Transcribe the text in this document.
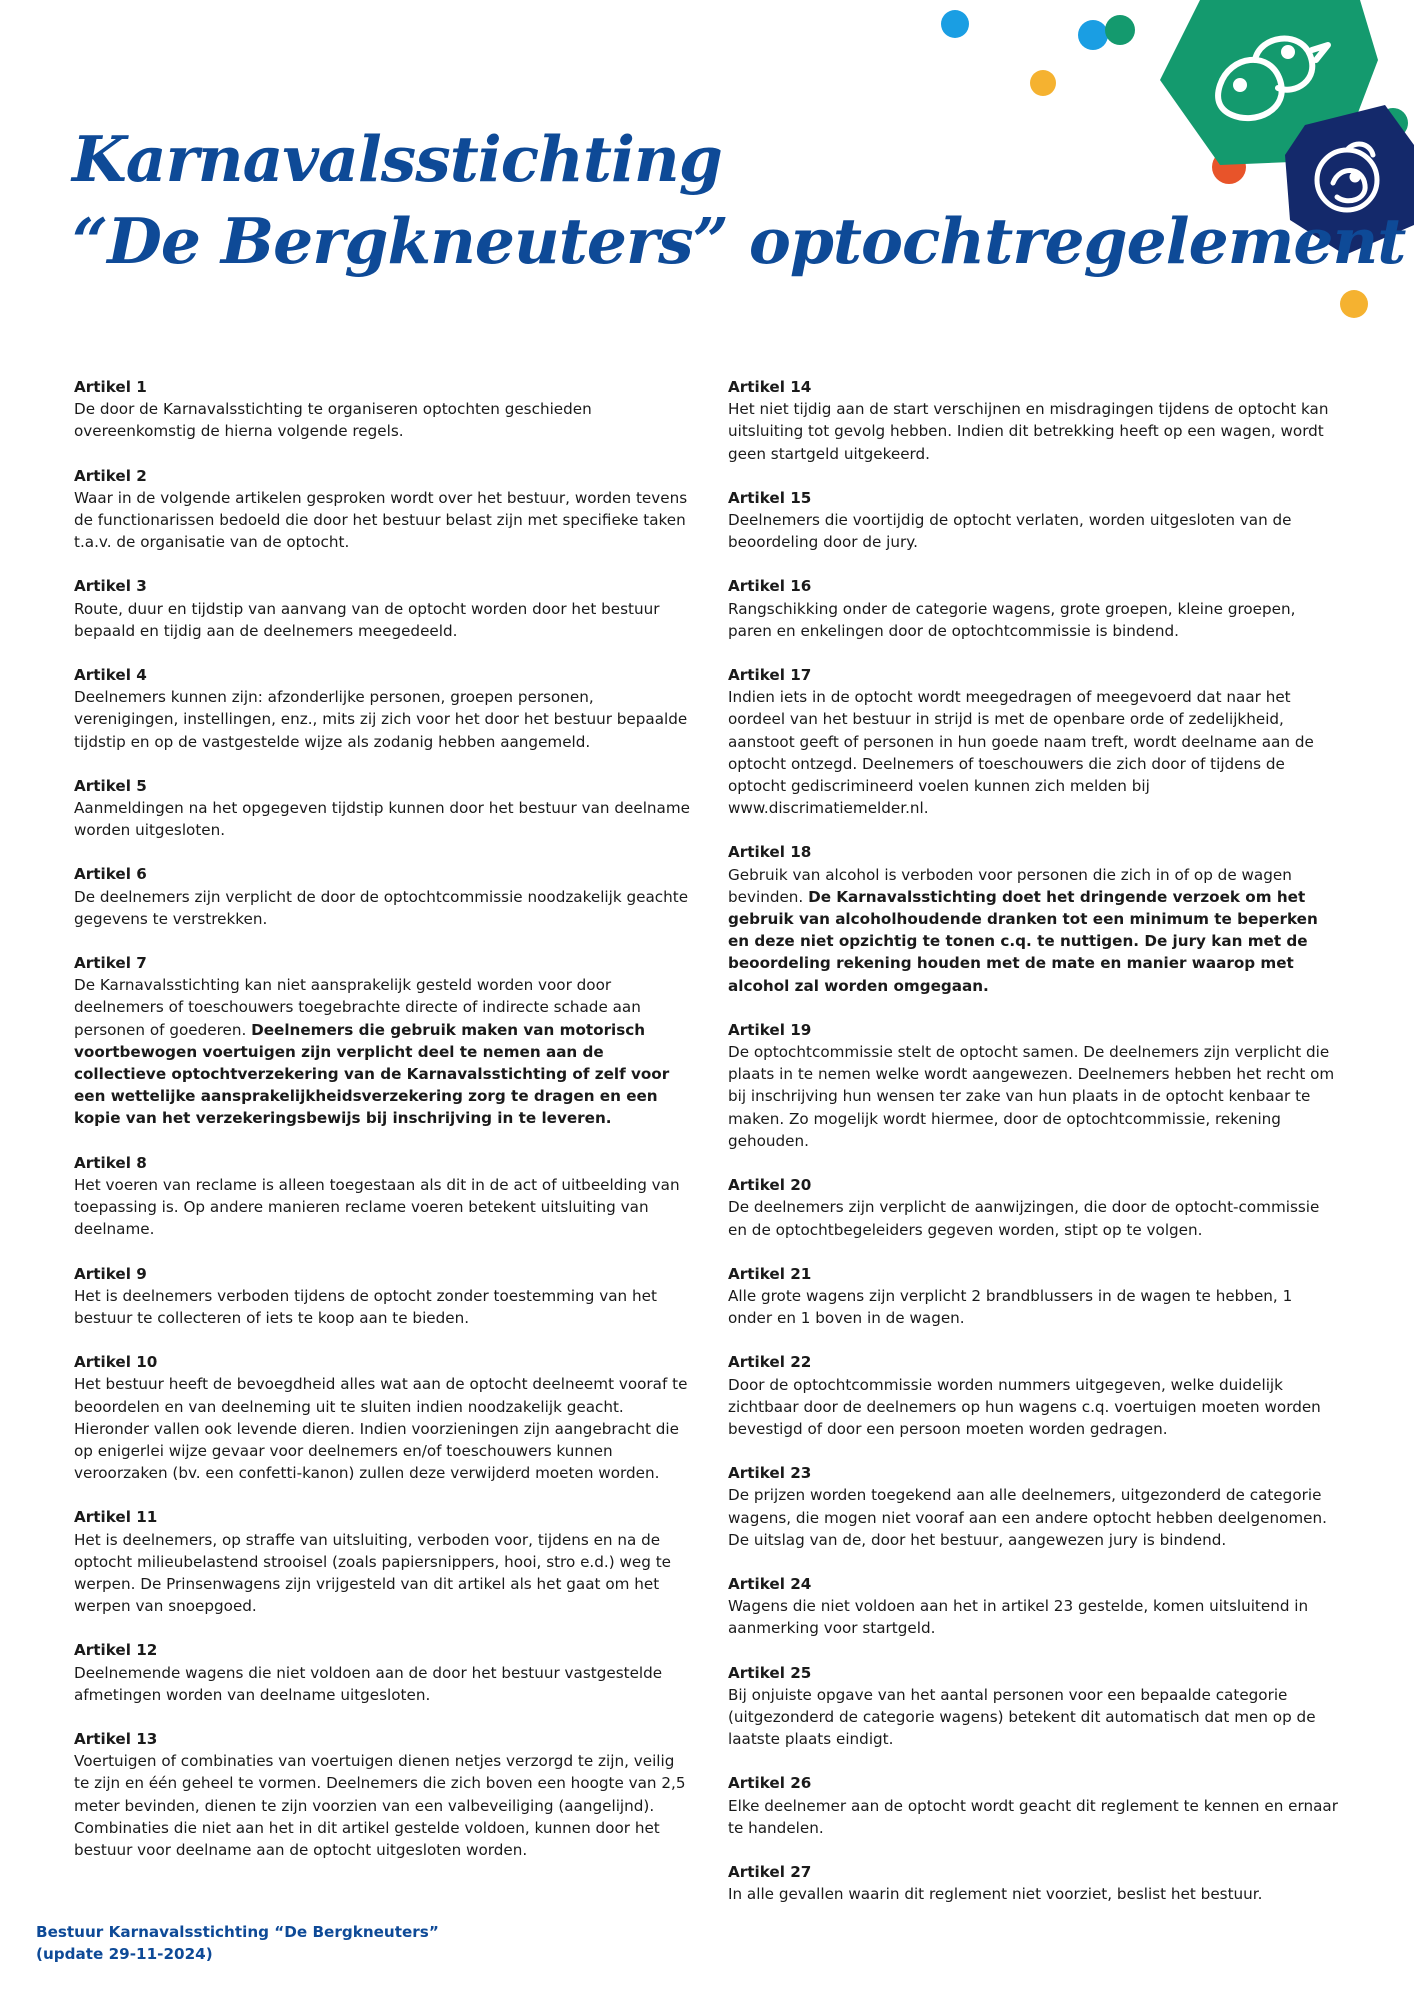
Karnavalsstichting
“De Bergkneuters” optochtregelement
Artikel 1
De door de Karnavalsstichting te organiseren optochten geschieden overeenkomstig de hierna volgende regels.
Artikel 2
Waar in de volgende artikelen gesproken wordt over het bestuur, worden tevens de functionarissen bedoeld die door het bestuur belast zijn met specifieke taken t.a.v. de organisatie van de optocht.
Artikel 3
Route, duur en tijdstip van aanvang van de optocht worden door het bestuur bepaald en tijdig aan de deelnemers meegedeeld.
Artikel 4
Deelnemers kunnen zijn: afzonderlijke personen, groepen personen, verenigingen, instellingen, enz., mits zij zich voor het door het bestuur bepaalde tijdstip en op de vastgestelde wijze als zodanig hebben aangemeld.
Artikel 5
Aanmeldingen na het opgegeven tijdstip kunnen door het bestuur van deelname worden uitgesloten.
Artikel 6
De deelnemers zijn verplicht de door de optochtcommissie noodzakelijk geachte gegevens te verstrekken.
Artikel 7
De Karnavalsstichting kan niet aansprakelijk gesteld worden voor door deelnemers of toeschouwers toegebrachte directe of indirecte schade aan personen of goederen. Deelnemers die gebruik maken van motorisch voortbewogen voertuigen zijn verplicht deel te nemen aan de collectieve optochtverzekering van de Karnavalsstichting of zelf voor een wettelijke aansprakelijkheidsverzekering zorg te dragen en een kopie van het verzekeringsbewijs bij inschrijving in te leveren.
Artikel 8
Het voeren van reclame is alleen toegestaan als dit in de act of uitbeelding van toepassing is. Op andere manieren reclame voeren betekent uitsluiting van deelname.
Artikel 9
Het is deelnemers verboden tijdens de optocht zonder toestemming van het bestuur te collecteren of iets te koop aan te bieden.
Artikel 10
Het bestuur heeft de bevoegdheid alles wat aan de optocht deelneemt vooraf te beoordelen en van deelneming uit te sluiten indien noodzakelijk geacht. Hieronder vallen ook levende dieren. Indien voorzieningen zijn aangebracht die op enigerlei wijze gevaar voor deelnemers en/of toeschouwers kunnen veroorzaken (bv. een confetti-kanon) zullen deze verwijderd moeten worden.
Artikel 11
Het is deelnemers, op straffe van uitsluiting, verboden voor, tijdens en na de optocht milieubelastend strooisel (zoals papiersnippers, hooi, stro e.d.) weg te werpen. De Prinsenwagens zijn vrijgesteld van dit artikel als het gaat om het werpen van snoepgoed.
Artikel 12
Deelnemende wagens die niet voldoen aan de door het bestuur vastgestelde afmetingen worden van deelname uitgesloten.
Artikel 13
Voertuigen of combinaties van voertuigen dienen netjes verzorgd te zijn, veilig te zijn en één geheel te vormen. Deelnemers die zich boven een hoogte van 2,5 meter bevinden, dienen te zijn voorzien van een valbeveiliging (aangelijnd). Combinaties die niet aan het in dit artikel gestelde voldoen, kunnen door het bestuur voor deelname aan de optocht uitgesloten worden.
Artikel 14
Het niet tijdig aan de start verschijnen en misdragingen tijdens de optocht kan uitsluiting tot gevolg hebben. Indien dit betrekking heeft op een wagen, wordt geen startgeld uitgekeerd.
Artikel 15
Deelnemers die voortijdig de optocht verlaten, worden uitgesloten van de beoordeling door de jury.
Artikel 16
Rangschikking onder de categorie wagens, grote groepen, kleine groepen, paren en enkelingen door de optochtcommissie is bindend.
Artikel 17
Indien iets in de optocht wordt meegedragen of meegevoerd dat naar het oordeel van het bestuur in strijd is met de openbare orde of zedelijkheid, aanstoot geeft of personen in hun goede naam treft, wordt deelname aan de optocht ontzegd. Deelnemers of toeschouwers die zich door of tijdens de optocht gediscrimineerd voelen kunnen zich melden bij www.discrimatiemelder.nl.
Artikel 18
Gebruik van alcohol is verboden voor personen die zich in of op de wagen bevinden. De Karnavalsstichting doet het dringende verzoek om het gebruik van alcoholhoudende dranken tot een minimum te beperken en deze niet opzichtig te tonen c.q. te nuttigen. De jury kan met de beoordeling rekening houden met de mate en manier waarop met alcohol zal worden omgegaan.
Artikel 19
De optochtcommissie stelt de optocht samen. De deelnemers zijn verplicht die plaats in te nemen welke wordt aangewezen. Deelnemers hebben het recht om bij inschrijving hun wensen ter zake van hun plaats in de optocht kenbaar te maken. Zo mogelijk wordt hiermee, door de optochtcommissie, rekening gehouden.
Artikel 20
De deelnemers zijn verplicht de aanwijzingen, die door de optocht-commissie en de optochtbegeleiders gegeven worden, stipt op te volgen.
Artikel 21
Alle grote wagens zijn verplicht 2 brandblussers in de wagen te hebben, 1 onder en 1 boven in de wagen.
Artikel 22
Door de optochtcommissie worden nummers uitgegeven, welke duidelijk zichtbaar door de deelnemers op hun wagens c.q. voertuigen moeten worden bevestigd of door een persoon moeten worden gedragen.
Artikel 23
De prijzen worden toegekend aan alle deelnemers, uitgezonderd de categorie wagens, die mogen niet vooraf aan een andere optocht hebben deelgenomen. De uitslag van de, door het bestuur, aangewezen jury is bindend.
Artikel 24
Wagens die niet voldoen aan het in artikel 23 gestelde, komen uitsluitend in aanmerking voor startgeld.
Artikel 25
Bij onjuiste opgave van het aantal personen voor een bepaalde categorie (uitgezonderd de categorie wagens) betekent dit automatisch dat men op de laatste plaats eindigt.
Artikel 26
Elke deelnemer aan de optocht wordt geacht dit reglement te kennen en ernaar te handelen.
Artikel 27
In alle gevallen waarin dit reglement niet voorziet, beslist het bestuur.
Bestuur Karnavalsstichting “De Bergkneuters”
(update 29-11-2024)
